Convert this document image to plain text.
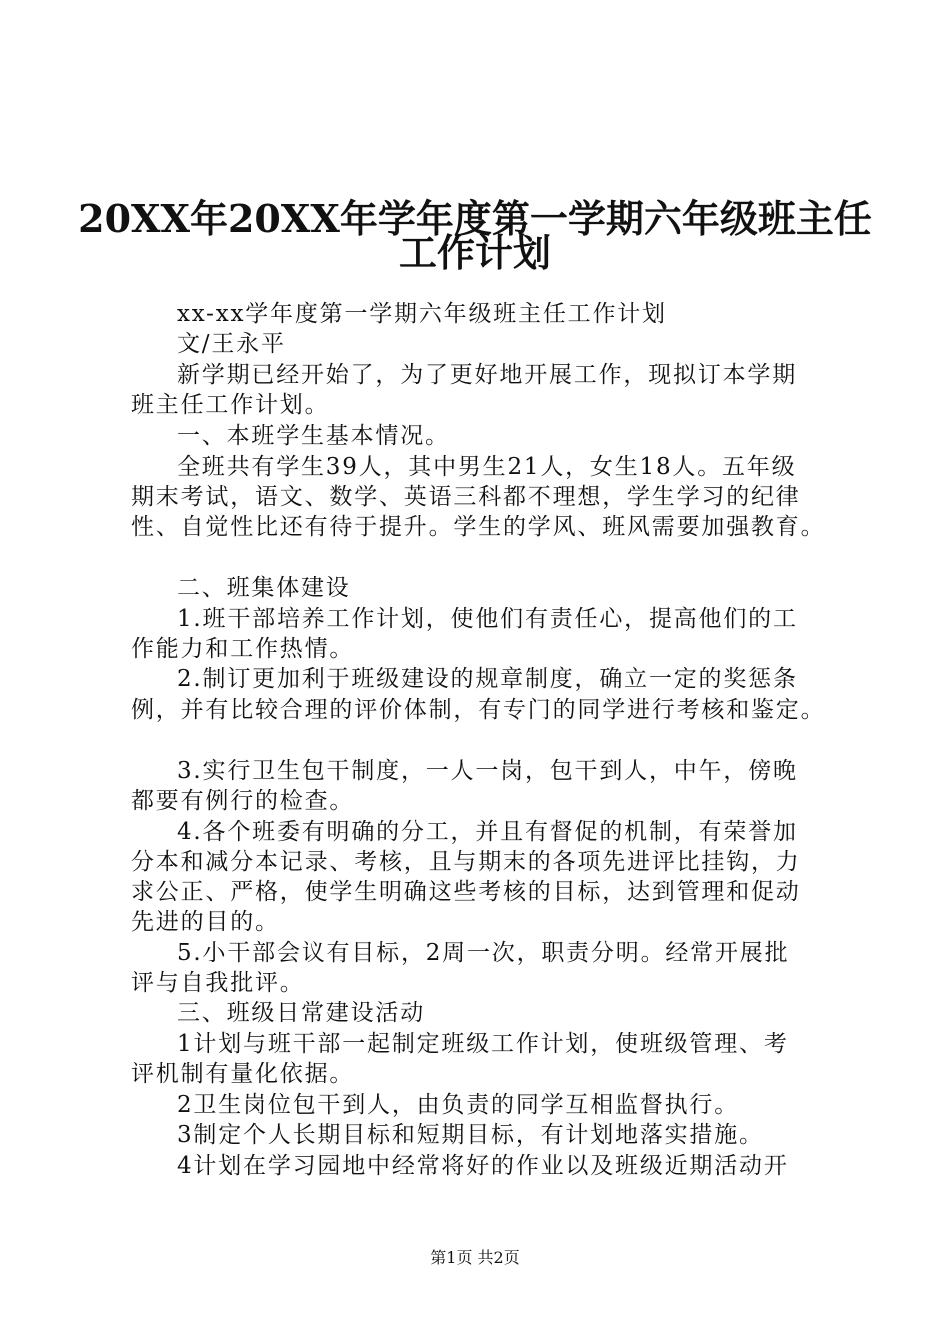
20XX年20XX年学年度第一学期六年级班主任
工作计划
xx-xx学年度第一学期六年级班主任工作计划
文/王永平
新学期已经开始了，为了更好地开展工作，现拟订本学期
班主任工作计划。
一、本班学生基本情况。
全班共有学生39人，其中男生21人，女生18人。五年级
期末考试，语文、数学、英语三科都不理想，学生学习的纪律
性、自觉性比还有待于提升。学生的学风、班风需要加强教育。
二、班集体建设
1.班干部培养工作计划，使他们有责任心，提高他们的工
作能力和工作热情。
2.制订更加利于班级建设的规章制度，确立一定的奖惩条
例，并有比较合理的评价体制，有专门的同学进行考核和鉴定。
3.实行卫生包干制度，一人一岗，包干到人，中午，傍晚
都要有例行的检查。
4.各个班委有明确的分工，并且有督促的机制，有荣誉加
分本和减分本记录、考核，且与期末的各项先进评比挂钩，力
求公正、严格，使学生明确这些考核的目标，达到管理和促动
先进的目的。
5.小干部会议有目标，2周一次，职责分明。经常开展批
评与自我批评。
三、班级日常建设活动
1计划与班干部一起制定班级工作计划，使班级管理、考
评机制有量化依据。
2卫生岗位包干到人，由负责的同学互相监督执行。
3制定个人长期目标和短期目标，有计划地落实措施。
4计划在学习园地中经常将好的作业以及班级近期活动开
第1页 共2页
